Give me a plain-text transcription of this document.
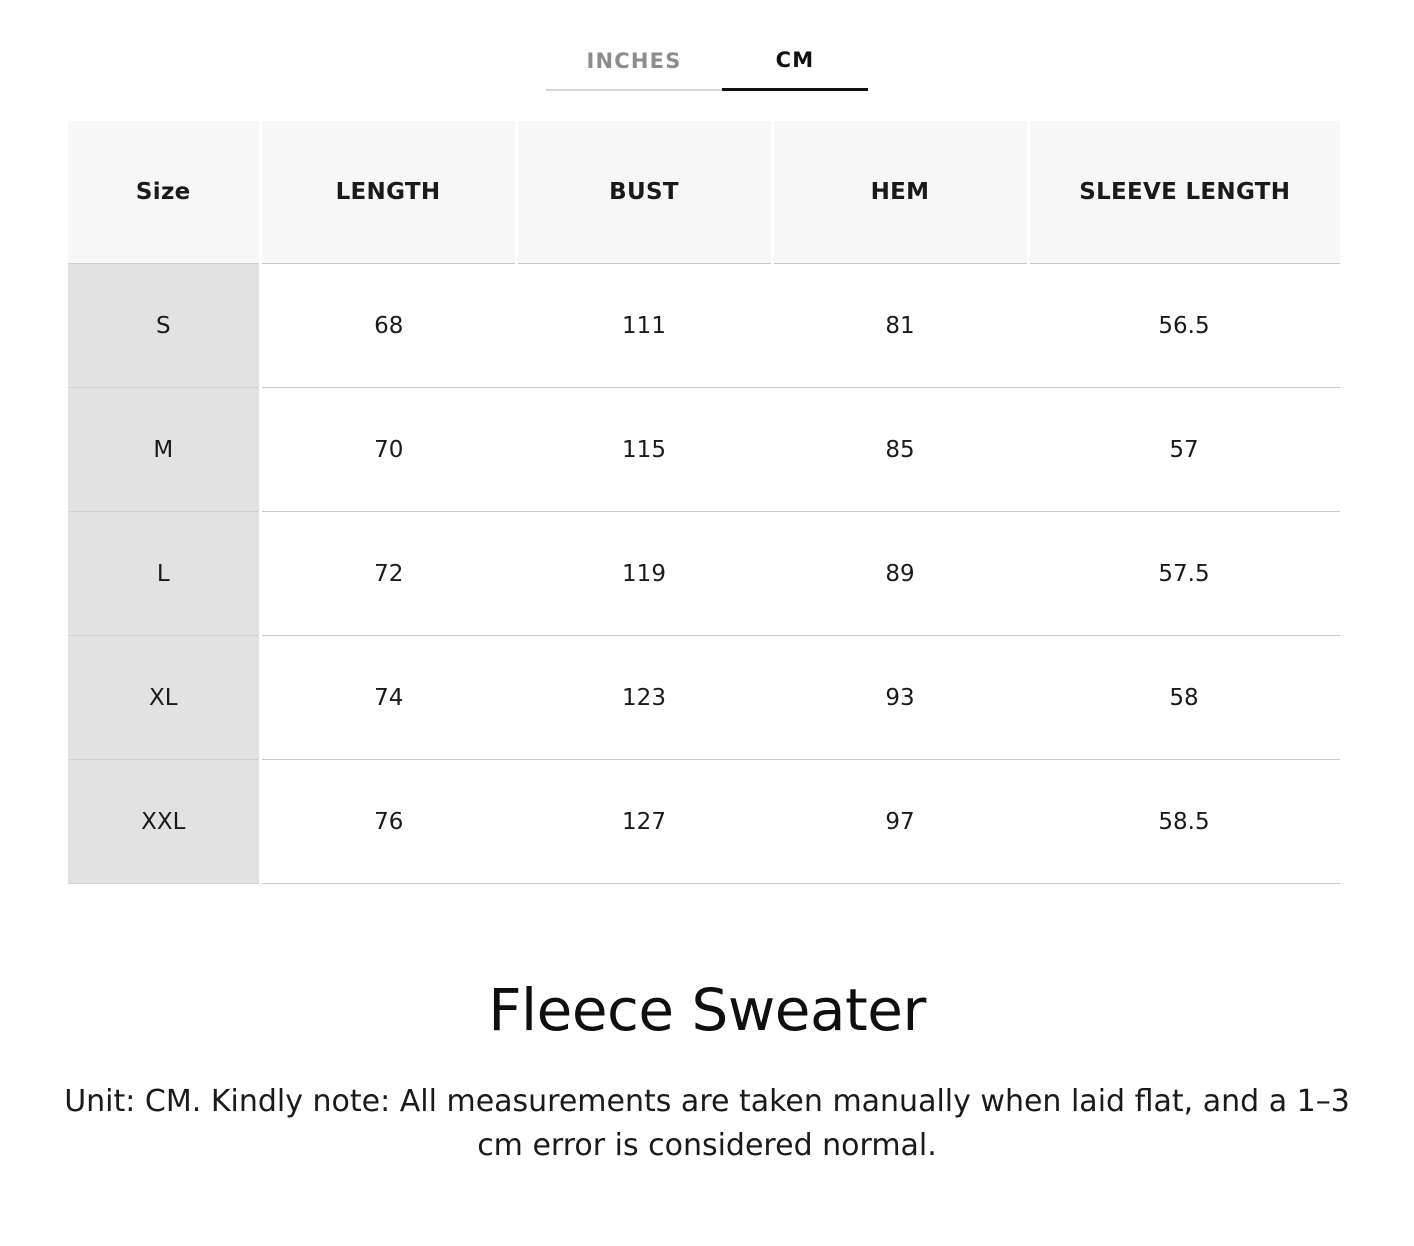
INCHES	CM
Size	LENGTH	BUST	HEM	SLEEVE LENGTH
S	68	111	81	56.5
M	70	115	85	57
L	72	119	89	57.5
XL	74	123	93	58
XXL	76	127	97	58.5
Fleece Sweater
Unit: CM. Kindly note: All measurements are taken manually when laid flat, and a 1–3 cm error is considered normal.
